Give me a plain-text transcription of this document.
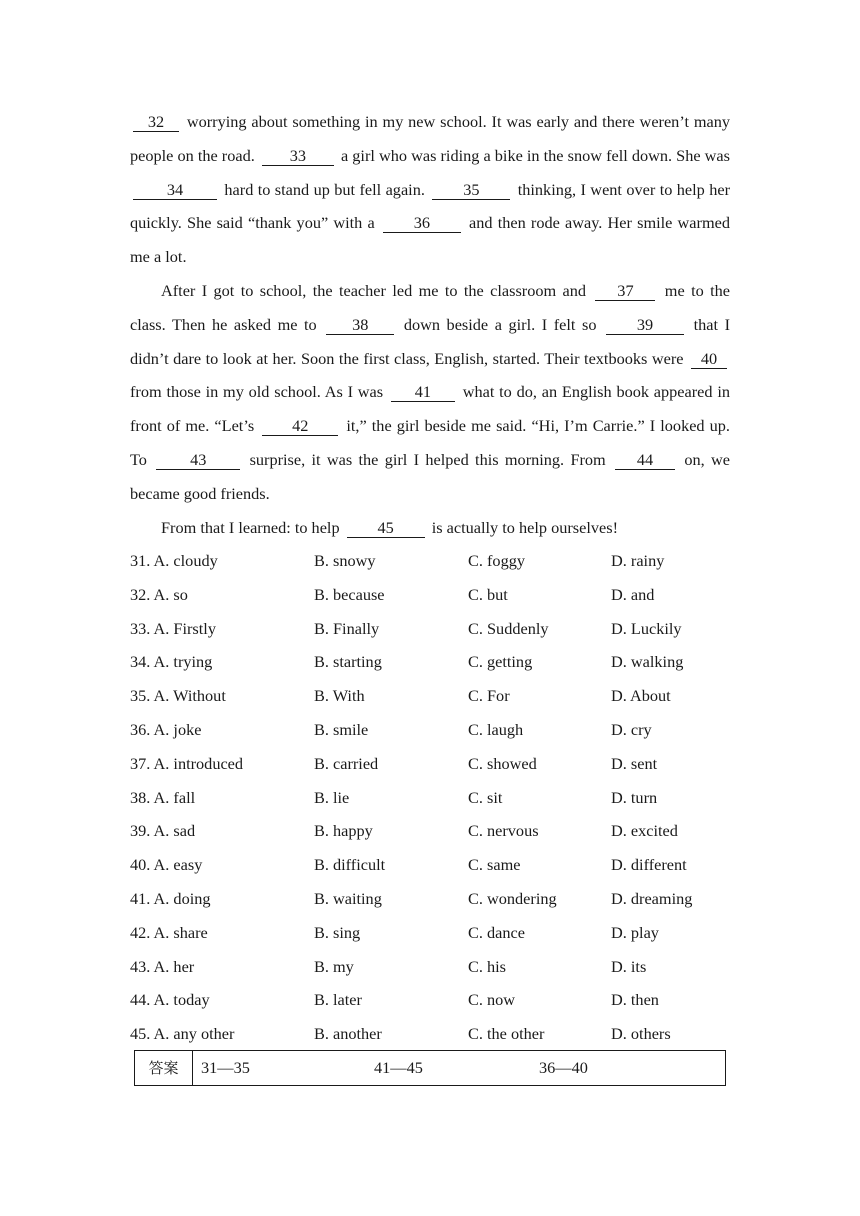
32 worrying about something in my new school. It was early and there weren’t many people on the road. 33 a girl who was riding a bike in the snow fell down. She was 34 hard to stand up but fell again. 35 thinking, I went over to help her quickly. She said “thank you” with a 36 and then rode away. Her smile warmed me a lot.

After I got to school, the teacher led me to the classroom and 37 me to the class. Then he asked me to 38 down beside a girl. I felt so 39 that I didn’t dare to look at her. Soon the first class, English, started. Their textbooks were 40 from those in my old school. As I was 41 what to do, an English book appeared in front of me. “Let’s 42 it,” the girl beside me said. “Hi, I’m Carrie.” I looked up. To 43 surprise, it was the girl I helped this morning. From 44 on, we became good friends.

From that I learned: to help 45 is actually to help ourselves!

31. A. cloudy	B. snowy	C. foggy	D. rainy
32. A. so	B. because	C. but	D. and
33. A. Firstly	B. Finally	C. Suddenly	D. Luckily
34. A. trying	B. starting	C. getting	D. walking
35. A. Without	B. With	C. For	D. About
36. A. joke	B. smile	C. laugh	D. cry
37. A. introduced	B. carried	C. showed	D. sent
38. A. fall	B. lie	C. sit	D. turn
39. A. sad	B. happy	C. nervous	D. excited
40. A. easy	B. difficult	C. same	D. different
41. A. doing	B. waiting	C. wondering	D. dreaming
42. A. share	B. sing	C. dance	D. play
43. A. her	B. my	C. his	D. its
44. A. today	B. later	C. now	D. then
45. A. any other	B. another	C. the other	D. others
答案	31—35	41—45	36—40
